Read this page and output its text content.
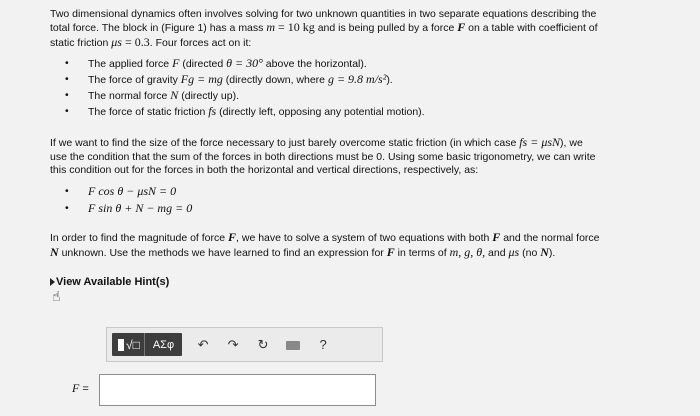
Two dimensional dynamics often involves solving for two unknown quantities in two separate equations describing the

total force. The block in (Figure 1) has a mass m = 10 kg and is being pulled by a force F on a table with coefficient of

static friction μs = 0.3. Four forces act on it:

• The applied force F (directed θ = 30° above the horizontal).
• The force of gravity Fg = mg (directly down, where g = 9.8 m/s²).
• The normal force N (directly up).
• The force of static friction fs (directly left, opposing any potential motion).

If we want to find the size of the force necessary to just barely overcome static friction (in which case fs = μsN), we

use the condition that the sum of the forces in both directions must be 0. Using some basic trigonometry, we can write

this condition out for the forces in both the horizontal and vertical directions, respectively, as:

• F cos θ − μsN = 0
• F sin θ + N − mg = 0

In order to find the magnitude of force F, we have to solve a system of two equations with both F and the normal force

N unknown. Use the methods we have learned to find an expression for F in terms of m, g, θ, and μs (no N).

View Available Hint(s)
☝
√□	ΑΣφ	↶	↷	↻	?
F =
